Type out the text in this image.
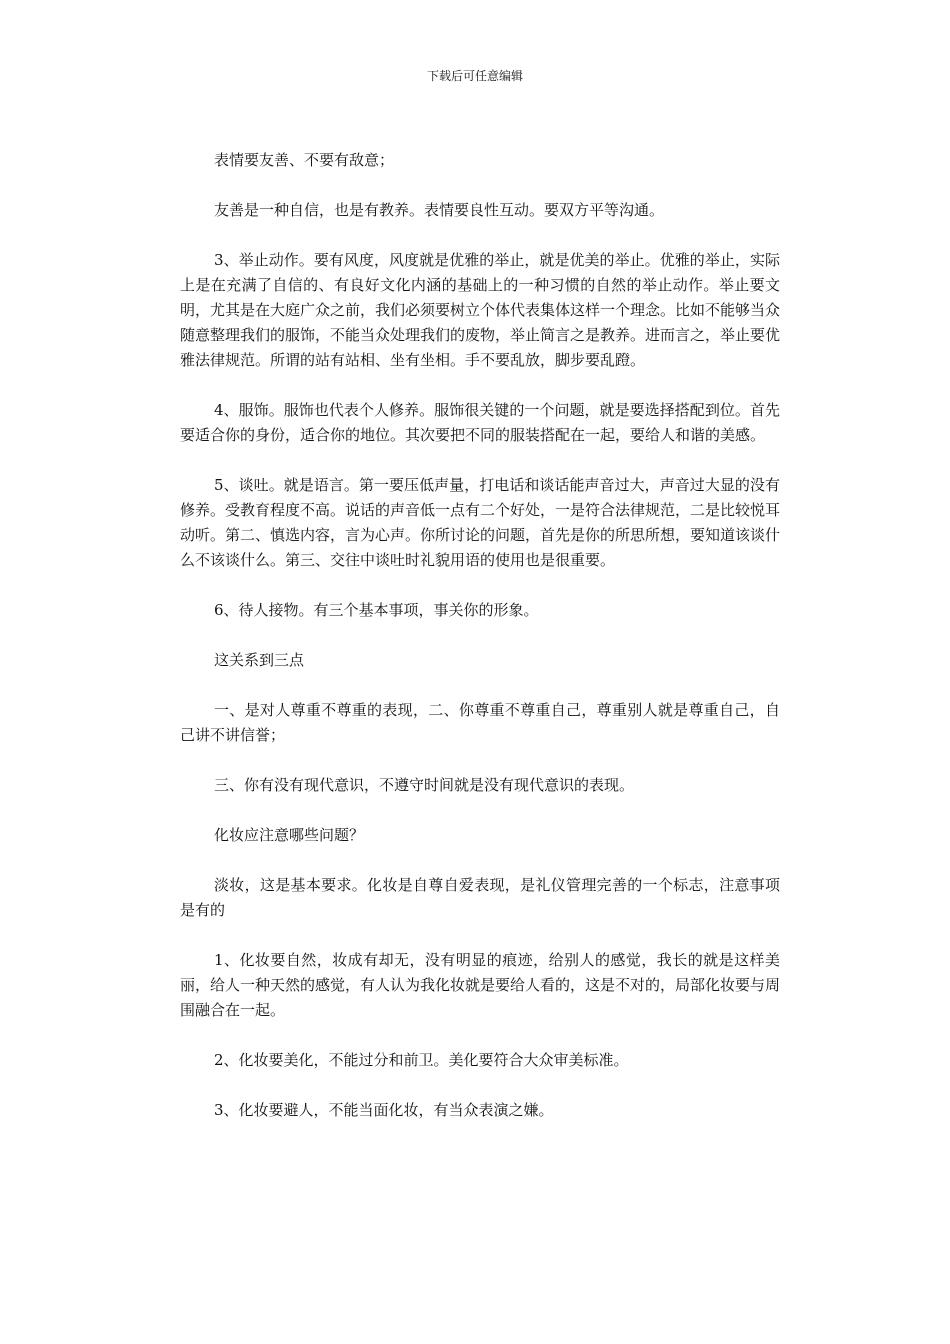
下载后可任意编辑

表情要友善、不要有敌意；

友善是一种自信，也是有教养。表情要良性互动。要双方平等沟通。

3、举止动作。要有风度，风度就是优雅的举止，就是优美的举止。优雅的举止，实际上是在充满了自信的、有良好文化内涵的基础上的一种习惯的自然的举止动作。举止要文明，尤其是在大庭广众之前，我们必须要树立个体代表集体这样一个理念。比如不能够当众随意整理我们的服饰，不能当众处理我们的废物，举止简言之是教养。进而言之，举止要优雅法律规范。所谓的站有站相、坐有坐相。手不要乱放，脚步要乱蹬。

4、服饰。服饰也代表个人修养。服饰很关键的一个问题，就是要选择搭配到位。首先要适合你的身份，适合你的地位。其次要把不同的服装搭配在一起，要给人和谐的美感。

5、谈吐。就是语言。第一要压低声量，打电话和谈话能声音过大，声音过大显的没有修养。受教育程度不高。说话的声音低一点有二个好处，一是符合法律规范，二是比较悦耳动听。第二、慎选内容，言为心声。你所讨论的问题，首先是你的所思所想，要知道该谈什么不该谈什么。第三、交往中谈吐时礼貌用语的使用也是很重要。

6、待人接物。有三个基本事项，事关你的形象。

这关系到三点

一、是对人尊重不尊重的表现，二、你尊重不尊重自己，尊重别人就是尊重自己，自己讲不讲信誉；

三、你有没有现代意识，不遵守时间就是没有现代意识的表现。

化妆应注意哪些问题？

淡妆，这是基本要求。化妆是自尊自爱表现，是礼仪管理完善的一个标志，注意事项是有的

1、化妆要自然，妆成有却无，没有明显的痕迹，给别人的感觉，我长的就是这样美丽，给人一种天然的感觉，有人认为我化妆就是要给人看的，这是不对的，局部化妆要与周围融合在一起。

2、化妆要美化，不能过分和前卫。美化要符合大众审美标准。

3、化妆要避人，不能当面化妆，有当众表演之嫌。
